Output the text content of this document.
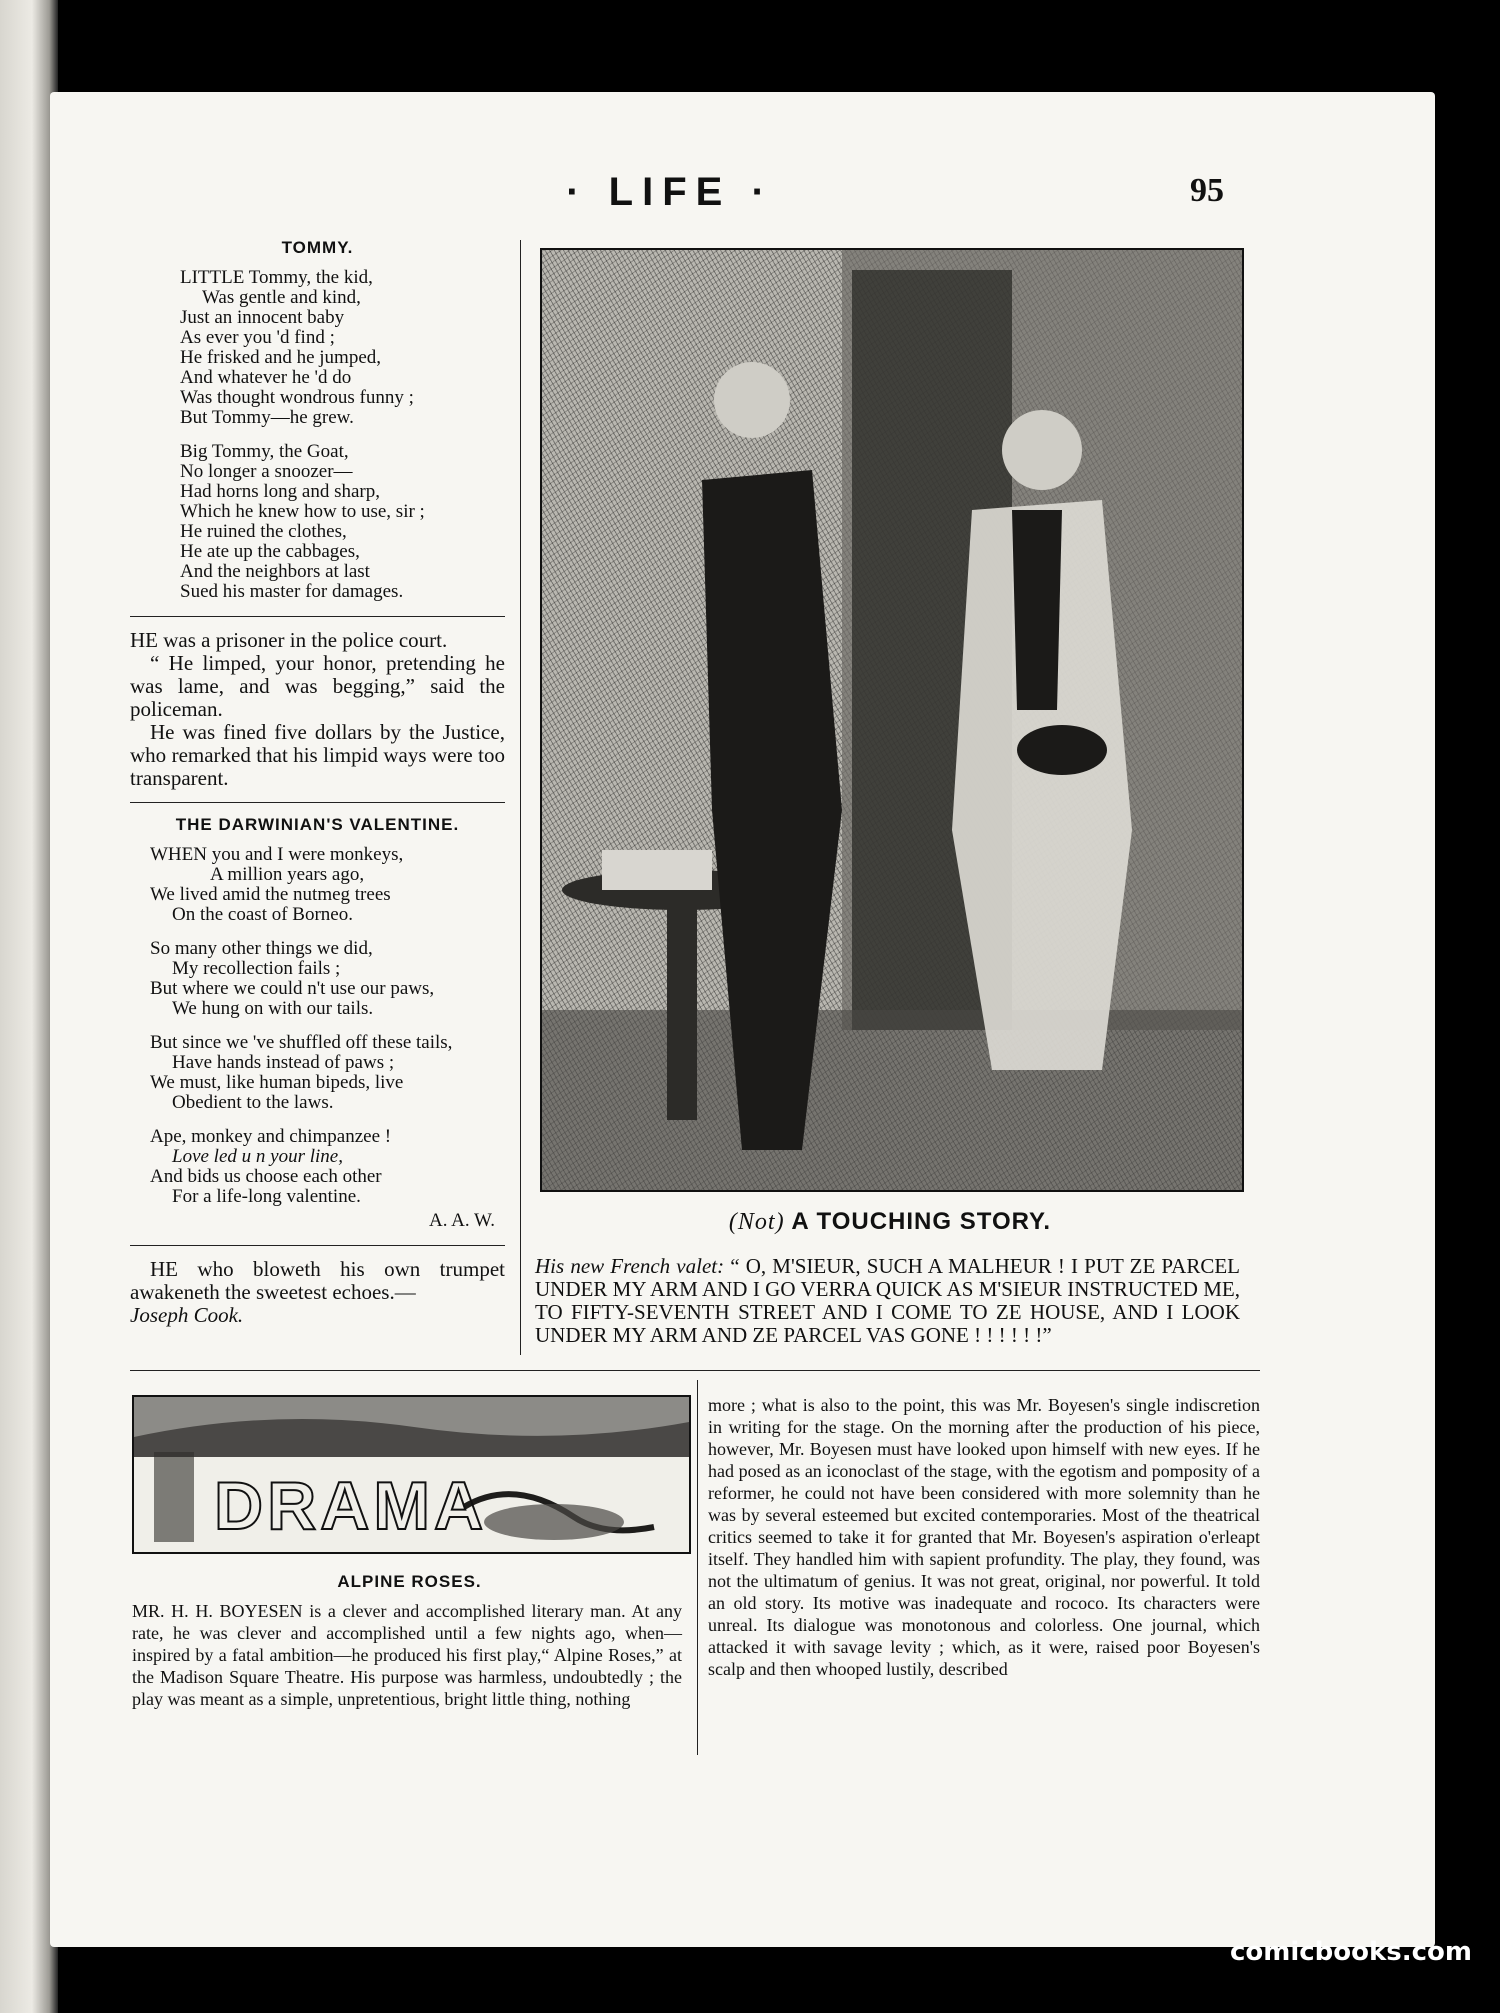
· LIFE ·	95
TOMMY.
LITTLE Tommy, the kid,
Was gentle and kind,
Just an innocent baby
As ever you 'd find ;
He frisked and he jumped,
And whatever he 'd do
Was thought wondrous funny ;
But Tommy—he grew.
Big Tommy, the Goat,
No longer a snoozer—
Had horns long and sharp,
Which he knew how to use, sir ;
He ruined the clothes,
He ate up the cabbages,
And the neighbors at last
Sued his master for damages.

HE was a prisoner in the police court.

“ He limped, your honor, pretending he was lame, and was begging,” said the policeman.

He was fined five dollars by the Justice, who remarked that his limpid ways were too transparent.

THE DARWINIAN'S VALENTINE.
WHEN you and I were monkeys,
A million years ago,
We lived amid the nutmeg trees
On the coast of Borneo.
So many other things we did,
My recollection fails ;
But where we could n't use our paws,
We hung on with our tails.
But since we 've shuffled off these tails,
Have hands instead of paws ;
We must, like human bipeds, live
Obedient to the laws.
Ape, monkey and chimpanzee !
Love led u n your line,
And bids us choose each other
For a life-long valentine.
A. A. W.

HE who bloweth his own trumpet awakeneth the sweetest echoes.—

Joseph Cook.
(Not) A TOUCHING STORY.
His new French valet: “ O, M'SIEUR, SUCH A MALHEUR ! I PUT ZE PARCEL UNDER MY ARM AND I GO VERRA QUICK AS M'SIEUR INSTRUCTED ME, TO FIFTY-SEVENTH STREET AND I COME TO ZE HOUSE, AND I LOOK UNDER MY ARM AND ZE PARCEL VAS GONE ! ! ! ! ! !”
DRAMA
ALPINE ROSES.
MR. H. H. BOYESEN is a clever and accomplished literary man. At any rate, he was clever and accomplished until a few nights ago, when—inspired by a fatal ambition—he produced his first play,“ Alpine Roses,” at the Madison Square Theatre. His purpose was harmless, undoubtedly ; the play was meant as a simple, unpretentious, bright little thing, nothing
more ; what is also to the point, this was Mr. Boyesen's single indiscretion in writing for the stage. On the morning after the production of his piece, however, Mr. Boyesen must have looked upon himself with new eyes. If he had posed as an iconoclast of the stage, with the egotism and pomposity of a reformer, he could not have been considered with more solemnity than he was by several esteemed but excited contemporaries. Most of the theatrical critics seemed to take it for granted that Mr. Boyesen's aspiration o'erleapt itself. They handled him with sapient profundity. The play, they found, was not the ultimatum of genius. It was not great, original, nor powerful. It told an old story. Its motive was inadequate and rococo. Its characters were unreal. Its dialogue was monotonous and colorless. One journal, which attacked it with savage levity ; which, as it were, raised poor Boyesen's scalp and then whooped lustily, described
comicbooks.com
